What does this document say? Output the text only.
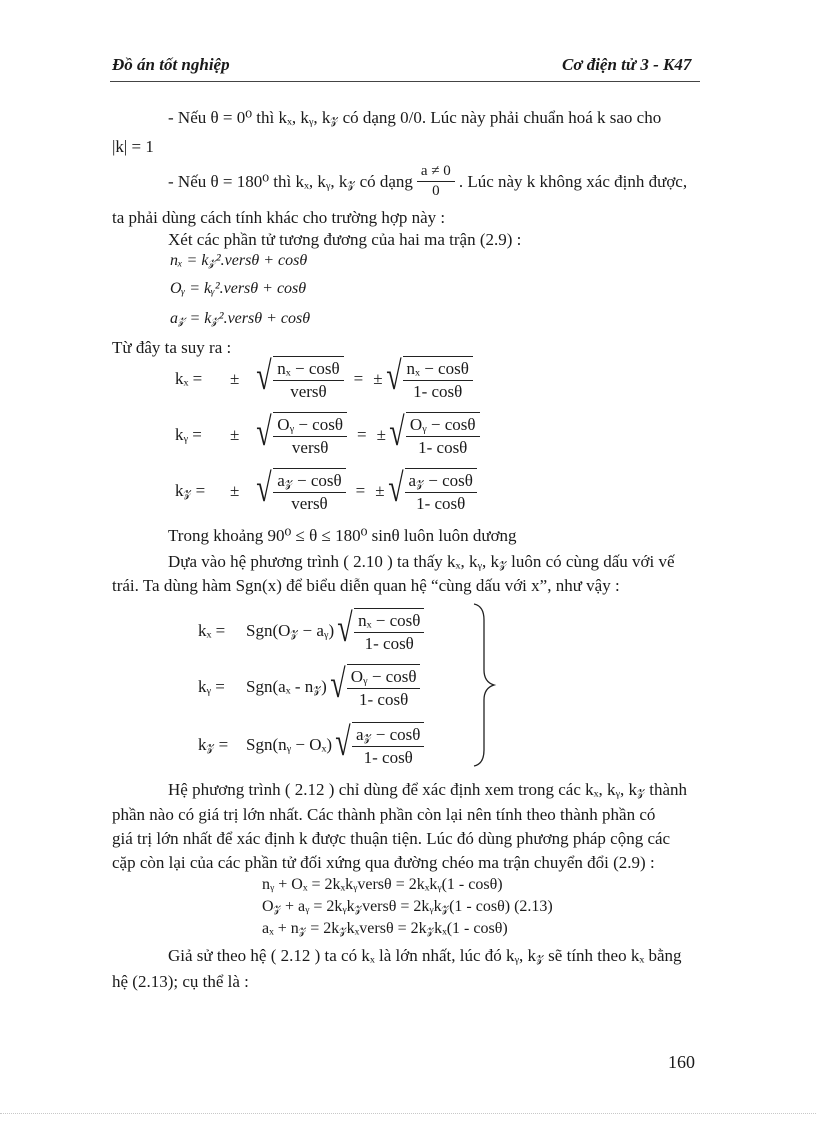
Đồ án tốt nghiệp	Cơ điện tử 3 - K47
- Nếu θ = 0⁰ thì kₓ, kᵧ, k𝓏 có dạng 0/0. Lúc này phải chuẩn hoá k sao cho
|k| = 1
- Nếu θ = 180⁰ thì kₓ, kᵧ, k𝓏 có dạng $\frac{a \ne 0}{0}$ . Lúc này k không xác định được,
ta phải dùng cách tính khác cho trường hợp này :
Xét các phần tử tương đương của hai ma trận (2.9) :
nₓ = k𝓏².versθ + cosθ
Oᵧ = kᵧ².versθ + cosθ
a𝓏 = k𝓏².versθ + cosθ
Từ đây ta suy ra :
kₓ =	± √ $\frac{\text{nₓ − cosθ}}{\text{versθ}}$ = ± √ $\frac{\text{nₓ − cosθ}}{1- \cos\theta}$
kᵧ =	± √ $\frac{\text{Oᵧ − cosθ}}{\text{versθ}}$ = ± √ $\frac{\text{Oᵧ − cosθ}}{1- \cos\theta}$
k𝓏 =	± √ $\frac{\text{a𝓏 − cosθ}}{\text{versθ}}$ = ± √ $\frac{\text{a𝓏 − cosθ}}{1- \cos\theta}$
Trong khoảng 90⁰ ≤ θ ≤ 180⁰ sinθ luôn luôn dương
Dựa vào hệ phương trình ( 2.10 ) ta thấy kₓ, kᵧ, k𝓏 luôn có cùng dấu với vế
trái. Ta dùng hàm Sgn(x) để biểu diễn quan hệ “cùng dấu với x”, như vậy :
kₓ =	Sgn(O𝓏 − aᵧ) √ $\frac{\text{nₓ − cosθ}}{1- \cos\theta}$
kᵧ =	Sgn(aₓ - n𝓏) √ $\frac{\text{Oᵧ − cosθ}}{1- \cos\theta}$
k𝓏 =	Sgn(nᵧ − Oₓ) √ $\frac{\text{a𝓏 − cosθ}}{1- \cos\theta}$
Hệ phương trình ( 2.12 ) chỉ dùng để xác định xem trong các kₓ, kᵧ, k𝓏 thành
phần nào có giá trị lớn nhất. Các thành phần còn lại nên tính theo thành phần có
giá trị lớn nhất để xác định k được thuận tiện. Lúc đó dùng phương pháp cộng các
cặp còn lại của các phần tử đối xứng qua đường chéo ma trận chuyển đổi (2.9) :
nᵧ + Oₓ = 2kₓkᵧversθ = 2kₓkᵧ(1 - cosθ)
O𝓏 + aᵧ = 2kᵧk𝓏versθ = 2kᵧk𝓏(1 - cosθ) (2.13)
aₓ + n𝓏 = 2k𝓏kₓversθ = 2k𝓏kₓ(1 - cosθ)
Giả sử theo hệ ( 2.12 ) ta có kₓ là lớn nhất, lúc đó kᵧ, k𝓏 sẽ tính theo kₓ bằng
hệ (2.13); cụ thể là :
160
